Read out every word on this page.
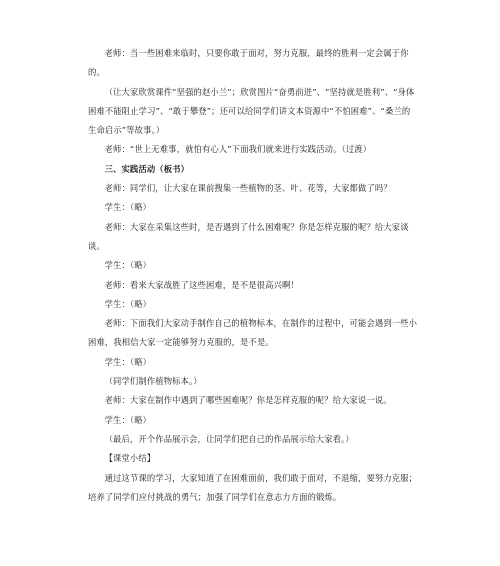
老师：当一些困难来临时，只要你敢于面对，努力克服，最终的胜利一定会属于你的。

（让大家欣赏课件“坚强的赵小兰”；欣赏图片“奋勇前进”、“坚持就是胜利”、“身体困难不能阻止学习”、“敢于攀登”；还可以给同学们讲文本资源中“不怕困难”、“桑兰的生命启示”等故事。）

老师：“世上无难事，就怕有心人”下面我们就来进行实践活动。（过渡）

三、实践活动（板书）

老师：同学们，让大家在课前搜集一些植物的茎、叶、花等，大家都做了吗？

学生：（略）

老师：大家在采集这些时，是否遇到了什么困难呢？你是怎样克服的呢？给大家谈谈。

学生：（略）

老师：看来大家战胜了这些困难，是不是很高兴啊！

学生：（略）

老师：下面我们大家动手制作自己的植物标本，在制作的过程中，可能会遇到一些小困难，我相信大家一定能够努力克服的，是不是。

学生：（略）

（同学们制作植物标本。）

老师：大家在制作中遇到了哪些困难呢？你是怎样克服的呢？给大家说一说。

学生：（略）

（最后，开个作品展示会，让同学们把自己的作品展示给大家看。）

【课堂小结】

通过这节课的学习，大家知道了在困难面前，我们敢于面对，不退缩，要努力克服；培养了同学们应付挑战的勇气；加强了同学们在意志力方面的锻炼。
